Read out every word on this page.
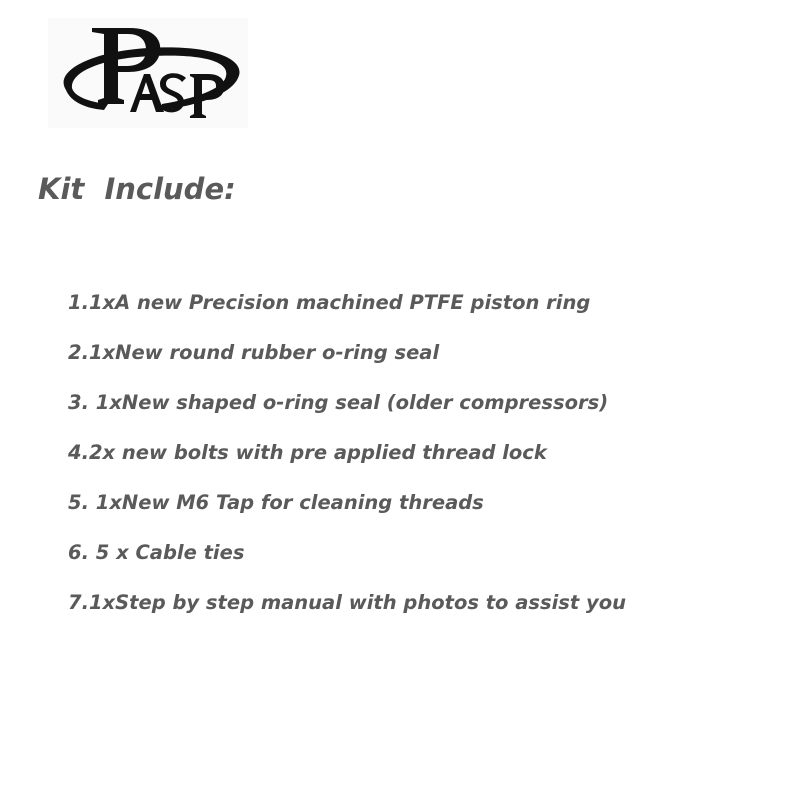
Kit  Include:
1.1xA new Precision machined PTFE piston ring
2.1xNew round rubber o-ring seal
3. 1xNew shaped o-ring seal (older compressors)
4.2x new bolts with pre applied thread lock
5. 1xNew M6 Tap for cleaning threads
6. 5 x Cable ties
7.1xStep by step manual with photos to assist you
